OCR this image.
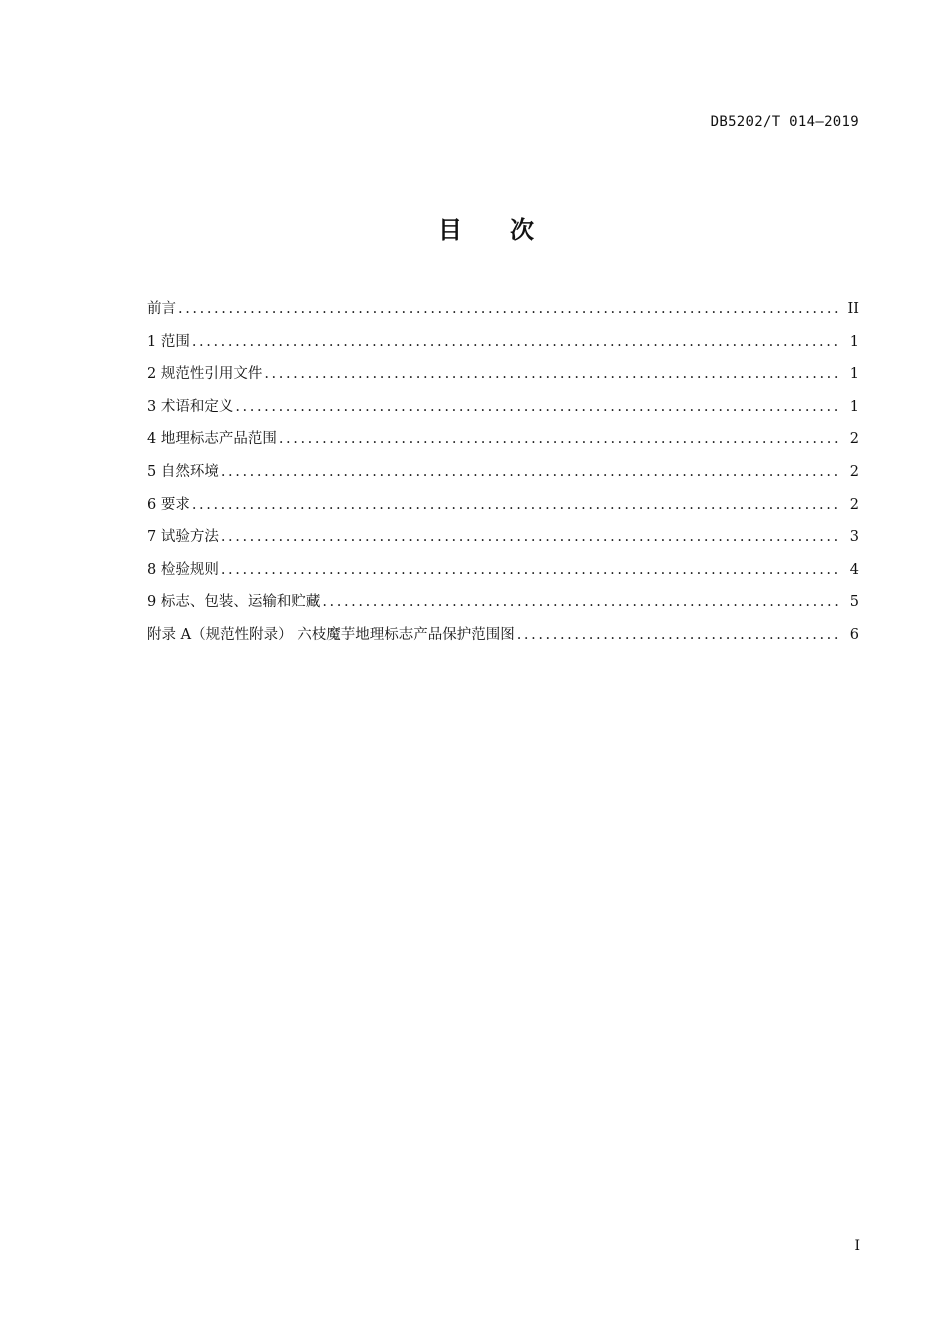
DB5202/T 014—2019
目　　次
前言 .....	II
1 范围 .....	1
2 规范性引用文件 .....	1
3 术语和定义 .....	1
4 地理标志产品范围 .....	2
5 自然环境 .....	2
6 要求 .....	2
7 试验方法 .....	3
8 检验规则 .....	4
9 标志、包装、运输和贮藏 .....	5
附录 A（规范性附录） 六枝魔芋地理标志产品保护范围图 .....	6
I
